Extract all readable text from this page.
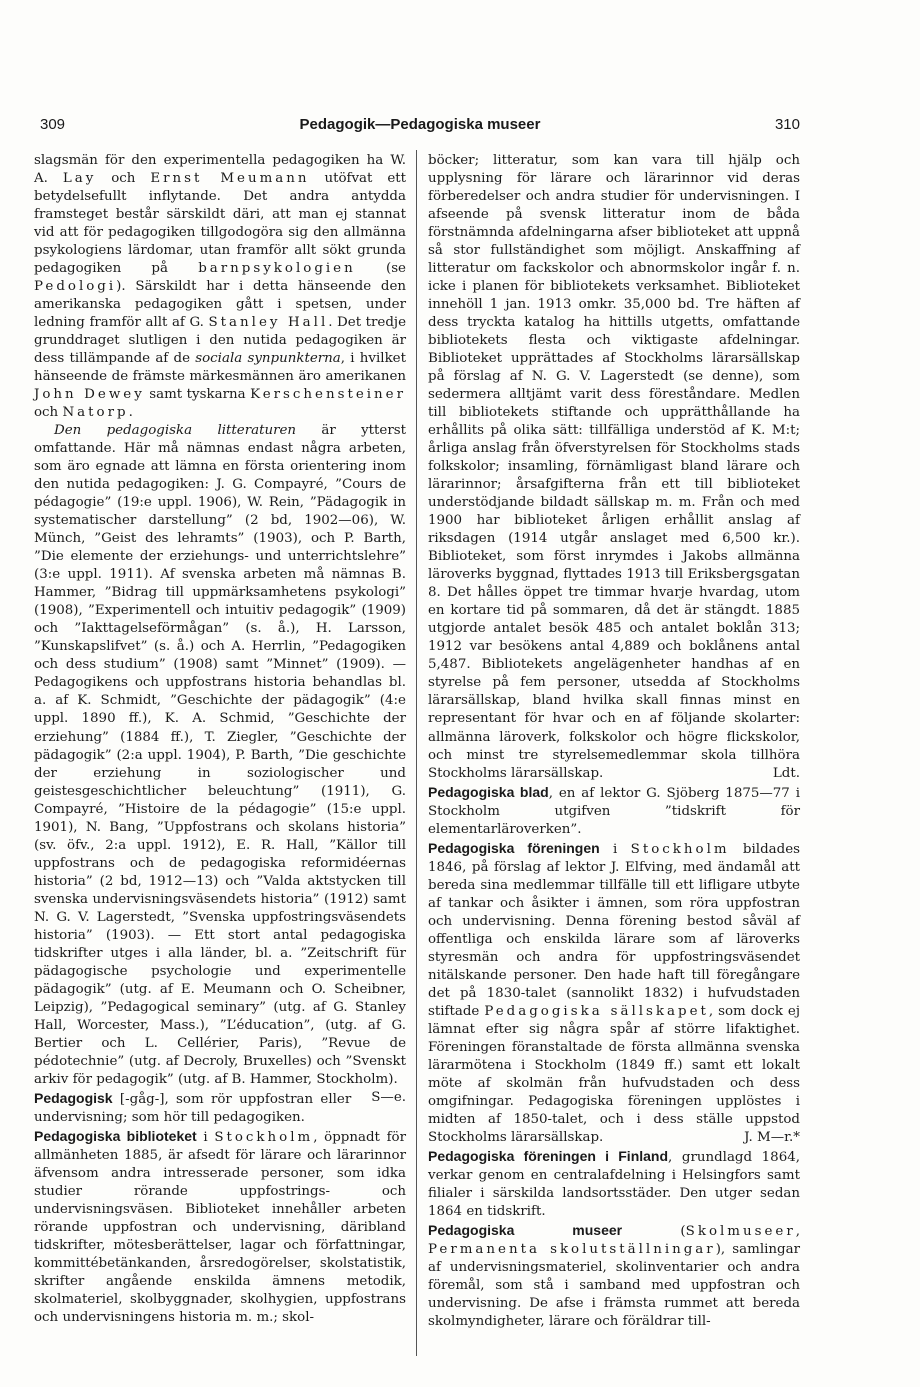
309	Pedagogik—Pedagogiska museer	310

slagsmän för den experimentella pedagogiken ha W. A. Lay och Ernst Meumann utöfvat ett betydelsefullt inflytande. Det andra antydda framsteget består särskildt däri, att man ej stannat vid att för pedagogiken tillgodogöra sig den allmänna psykologiens lärdomar, utan framför allt sökt grunda pedagogiken på barnpsykologien (se Pedologi). Särskildt har i detta hänseende den amerikanska pedagogiken gått i spetsen, under ledning framför allt af G. Stanley Hall. Det tredje grunddraget slutligen i den nutida pedagogiken är dess tillämpande af de sociala synpunkterna, i hvilket hänseende de främste märkesmännen äro amerikanen John Dewey samt tyskarna Kerschensteiner och Natorp.

Den pedagogiska litteraturen är ytterst omfattande. Här må nämnas endast några arbeten, som äro egnade att lämna en första orientering inom den nutida pedagogiken: J. G. Compayré, ”Cours de pédagogie” (19:e uppl. 1906), W. Rein, ”Pädagogik in systematischer darstellung” (2 bd, 1902—06), W. Münch, ”Geist des lehramts” (1903), och P. Barth, ”Die elemente der erziehungs- und unterrichtslehre” (3:e uppl. 1911). Af svenska arbeten må nämnas B. Hammer, ”Bidrag till uppmärksamhetens psykologi” (1908), ”Experimentell och intuitiv pedagogik” (1909) och ”Iakttagelseförmågan” (s. å.), H. Larsson, ”Kunskapslifvet” (s. å.) och A. Herrlin, ”Pedagogiken och dess studium” (1908) samt ”Minnet” (1909). — Pedagogikens och uppfostrans historia behandlas bl. a. af K. Schmidt, ”Geschichte der pädagogik” (4:e uppl. 1890 ff.), K. A. Schmid, ”Geschichte der erziehung” (1884 ff.), T. Ziegler, ”Geschichte der pädagogik” (2:a uppl. 1904), P. Barth, ”Die geschichte der erziehung in soziologischer und geistesgeschichtlicher beleuchtung” (1911), G. Compayré, ”Histoire de la pédagogie” (15:e uppl. 1901), N. Bang, ”Uppfostrans och skolans historia” (sv. öfv., 2:a uppl. 1912), E. R. Hall, ”Källor till uppfostrans och de pedagogiska reformidéernas historia” (2 bd, 1912—13) och ”Valda aktstycken till svenska undervisningsväsendets historia” (1912) samt N. G. V. Lagerstedt, ”Svenska uppfostringsväsendets historia” (1903). — Ett stort antal pedagogiska tidskrifter utges i alla länder, bl. a. ”Zeitschrift für pädagogische psychologie und experimentelle pädagogik” (utg. af E. Meumann och O. Scheibner, Leipzig), ”Pedagogical seminary” (utg. af G. Stanley Hall, Worcester, Mass.), ”L’éducation”, (utg. af G. Bertier och L. Cellérier, Paris), ”Revue de pédotechnie” (utg. af Decroly, Bruxelles) och ”Svenskt arkiv för pedagogik” (utg. af B. Hammer, Stockholm).
S—e.

Pedagogisk [-gåg-], som rör uppfostran eller undervisning; som hör till pedagogiken.

Pedagogiska biblioteket i Stockholm, öppnadt för allmänheten 1885, är afsedt för lärare och lärarinnor äfvensom andra intresserade personer, som idka studier rörande uppfostrings- och undervisningsväsen. Biblioteket innehåller arbeten rörande uppfostran och undervisning, däribland tidskrifter, mötesberättelser, lagar och författningar, kommittébetänkanden, årsredogörelser, skolstatistik, skrifter angående enskilda ämnens metodik, skolmateriel, skolbyggnader, skolhygien, uppfostrans och undervisningens historia m. m.; skol-

böcker; litteratur, som kan vara till hjälp och upplysning för lärare och lärarinnor vid deras förberedelser och andra studier för undervisningen. I afseende på svensk litteratur inom de båda förstnämnda afdelningarna afser biblioteket att uppnå så stor fullständighet som möjligt. Anskaffning af litteratur om fackskolor och abnormskolor ingår f. n. icke i planen för bibliotekets verksamhet. Biblioteket innehöll 1 jan. 1913 omkr. 35,000 bd. Tre häften af dess tryckta katalog ha hittills utgetts, omfattande bibliotekets flesta och viktigaste afdelningar. Biblioteket upprättades af Stockholms lärarsällskap på förslag af N. G. V. Lagerstedt (se denne), som sedermera alltjämt varit dess föreståndare. Medlen till bibliotekets stiftande och upprätthållande ha erhållits på olika sätt: tillfälliga understöd af K. M:t; årliga anslag från öfverstyrelsen för Stockholms stads folkskolor; insamling, förnämligast bland lärare och lärarinnor; årsafgifterna från ett till biblioteket understödjande bildadt sällskap m. m. Från och med 1900 har biblioteket årligen erhållit anslag af riksdagen (1914 utgår anslaget med 6,500 kr.). Biblioteket, som först inrymdes i Jakobs allmänna läroverks byggnad, flyttades 1913 till Eriksbergsgatan 8. Det hålles öppet tre timmar hvarje hvardag, utom en kortare tid på sommaren, då det är stängdt. 1885 utgjorde antalet besök 485 och antalet boklån 313; 1912 var besökens antal 4,889 och boklånens antal 5,487. Bibliotekets angelägenheter handhas af en styrelse på fem personer, utsedda af Stockholms lärarsällskap, bland hvilka skall finnas minst en representant för hvar och en af följande skolarter: allmänna läroverk, folkskolor och högre flickskolor, och minst tre styrelsemedlemmar skola tillhöra Stockholms lärarsällskap.	Ldt.

Pedagogiska blad, en af lektor G. Sjöberg 1875—77 i Stockholm utgifven ”tidskrift för elementarläroverken”.

Pedagogiska föreningen i Stockholm bildades 1846, på förslag af lektor J. Elfving, med ändamål att bereda sina medlemmar tillfälle till ett lifligare utbyte af tankar och åsikter i ämnen, som röra uppfostran och undervisning. Denna förening bestod såväl af offentliga och enskilda lärare som af läroverks styresmän och andra för uppfostringsväsendet nitälskande personer. Den hade haft till föregångare det på 1830-talet (sannolikt 1832) i hufvudstaden stiftade Pedagogiska sällskapet, som dock ej lämnat efter sig några spår af större lifaktighet. Föreningen föranstaltade de första allmänna svenska lärarmötena i Stockholm (1849 ff.) samt ett lokalt möte af skolmän från hufvudstaden och dess omgifningar. Pedagogiska föreningen upplöstes i midten af 1850-talet, och i dess ställe uppstod Stockholms lärarsällskap.	J. M—r.*

Pedagogiska föreningen i Finland, grundlagd 1864, verkar genom en centralafdelning i Helsingfors samt filialer i särskilda landsortsstäder. Den utger sedan 1864 en tidskrift.

Pedagogiska museer (Skolmuseer, Permanenta skolutställningar), samlingar af undervisningsmateriel, skolinventarier och andra föremål, som stå i samband med uppfostran och undervisning. De afse i främsta rummet att bereda skolmyndigheter, lärare och föräldrar till-
